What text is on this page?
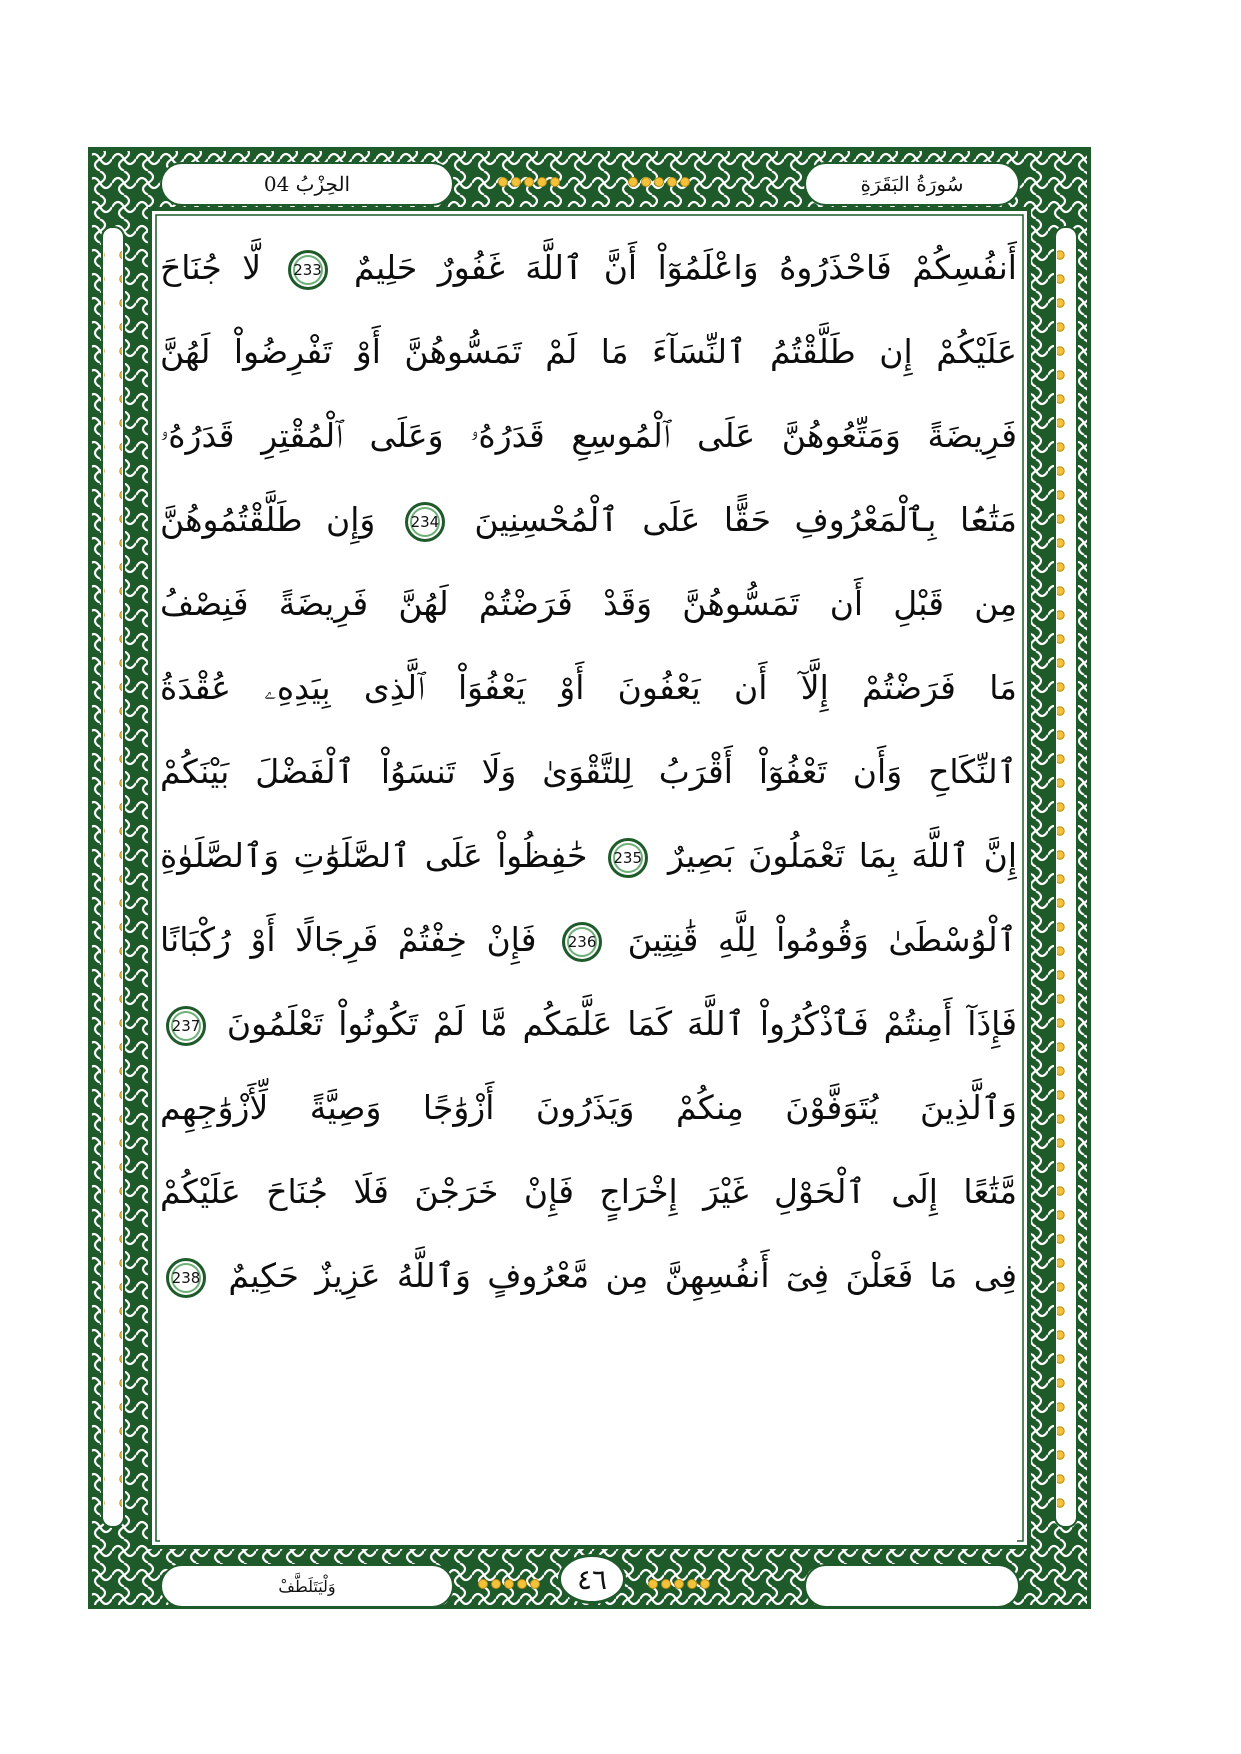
الحِزْبُ 04	سُورَةُ البَقَرَةِ
أَنفُسِكُمْ فَاحْذَرُوهُ وَاعْلَمُوٓاْ أَنَّ ٱللَّهَ غَفُورٌ حَلِيمٌ 233 لَّا جُنَاحَ
عَلَيْكُمْ إِن طَلَّقْتُمُ ٱلنِّسَآءَ مَا لَمْ تَمَسُّوهُنَّ أَوْ تَفْرِضُواْ لَهُنَّ
فَرِيضَةً وَمَتِّعُوهُنَّ عَلَى ٱلْمُوسِعِ قَدَرُهُۥ وَعَلَى ٱلْمُقْتِرِ قَدَرُهُۥ
مَتَٰعَۢا بِٱلْمَعْرُوفِ حَقًّا عَلَى ٱلْمُحْسِنِينَ 234 وَإِن طَلَّقْتُمُوهُنَّ
مِن قَبْلِ أَن تَمَسُّوهُنَّ وَقَدْ فَرَضْتُمْ لَهُنَّ فَرِيضَةً فَنِصْفُ
مَا فَرَضْتُمْ إِلَّآ أَن يَعْفُونَ أَوْ يَعْفُوَاْ ٱلَّذِى بِيَدِهِۦ عُقْدَةُ
ٱلنِّكَاحِ وَأَن تَعْفُوٓاْ أَقْرَبُ لِلتَّقْوَىٰ وَلَا تَنسَوُاْ ٱلْفَضْلَ بَيْنَكُمْ
إِنَّ ٱللَّهَ بِمَا تَعْمَلُونَ بَصِيرٌ 235 حَٰفِظُواْ عَلَى ٱلصَّلَوَٰتِ وَٱلصَّلَوٰةِ
ٱلْوُسْطَىٰ وَقُومُواْ لِلَّهِ قَٰنِتِينَ 236 فَإِنْ خِفْتُمْ فَرِجَالًا أَوْ رُكْبَانًا
فَإِذَآ أَمِنتُمْ فَٱذْكُرُواْ ٱللَّهَ كَمَا عَلَّمَكُم مَّا لَمْ تَكُونُواْ تَعْلَمُونَ 237
وَٱلَّذِينَ يُتَوَفَّوْنَ مِنكُمْ وَيَذَرُونَ أَزْوَٰجًا وَصِيَّةً لِّأَزْوَٰجِهِم
مَّتَٰعًا إِلَى ٱلْحَوْلِ غَيْرَ إِخْرَاجٍ فَإِنْ خَرَجْنَ فَلَا جُنَاحَ عَلَيْكُمْ
فِى مَا فَعَلْنَ فِىٓ أَنفُسِهِنَّ مِن مَّعْرُوفٍ وَٱللَّهُ عَزِيزٌ حَكِيمٌ 238
وَلْيَتَلَطَّفْ	٤٦
